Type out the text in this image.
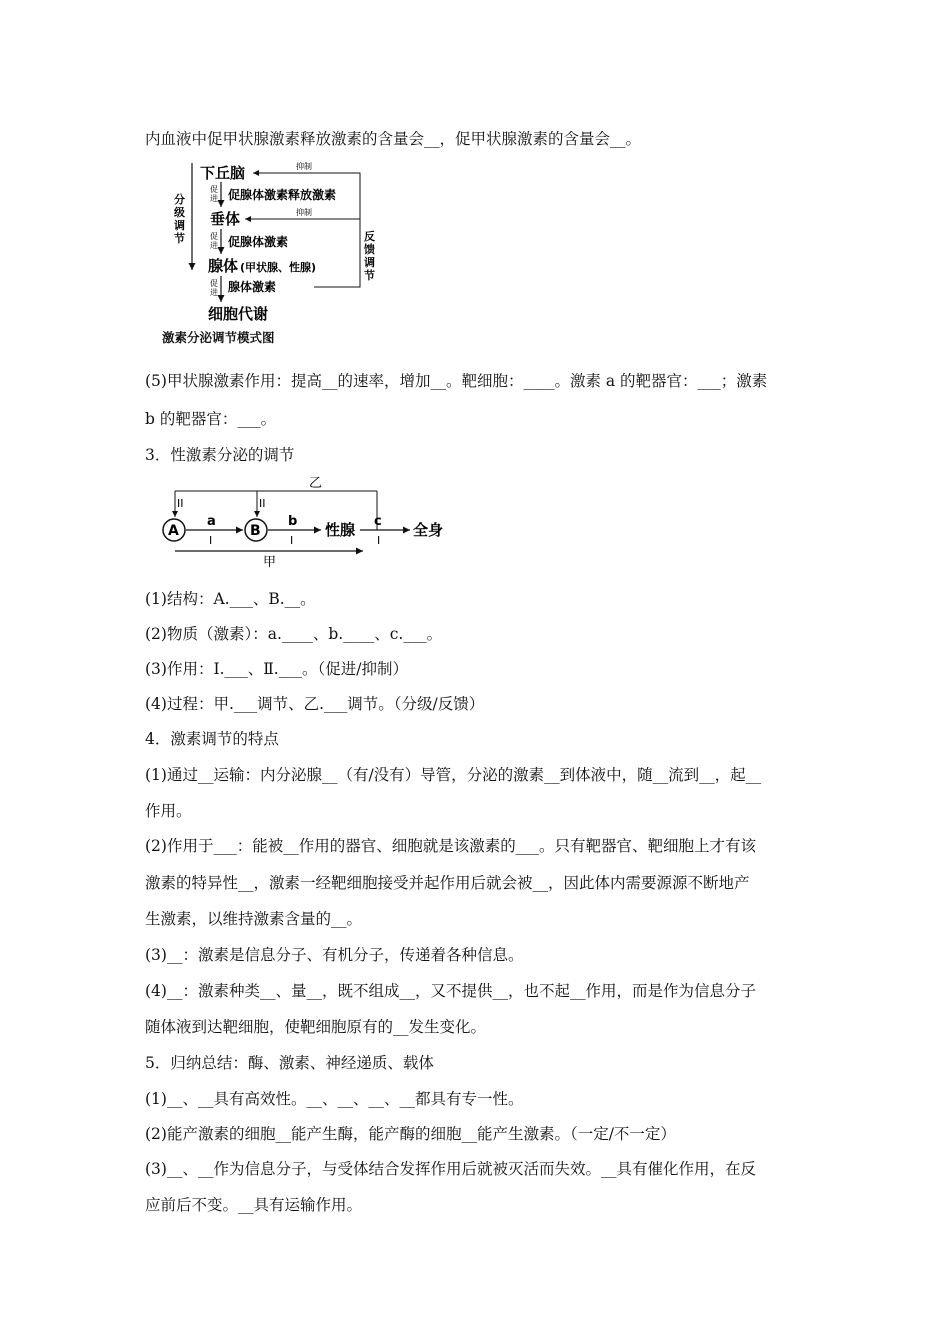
内血液中促甲状腺激素释放激素的含量会__，促甲状腺激素的含量会__。
下丘脑
垂体
腺体 (甲状腺、性腺)
细胞代谢
促腺体激素释放激素
促腺体激素
腺体激素
促
进
促
进
促
进
分
级
调
节
抑制
抑制
反
馈
调
节
激素分泌调节模式图
(5)甲状腺激素作用：提高__的速率，增加__。靶细胞：____。激素 a 的靶器官：___；激素
b 的靶器官：___。
3．性激素分泌的调节
乙
II	II
A	B
a
I
b
I
性腺 c
I
全身
甲
(1)结构：A.___、B.__。
(2)物质（激素）：a.____、b.____、c.___。
(3)作用：Ⅰ.___、Ⅱ.___。（促进/抑制）
(4)过程：甲.___调节、乙.___调节。（分级/反馈）
4．激素调节的特点
(1)通过__运输：内分泌腺__（有/没有）导管，分泌的激素__到体液中，随__流到__，起__
作用。
(2)作用于___：能被__作用的器官、细胞就是该激素的___。只有靶器官、靶细胞上才有该
激素的特异性__，激素一经靶细胞接受并起作用后就会被__，因此体内需要源源不断地产
生激素，以维持激素含量的__。
(3)__：激素是信息分子、有机分子，传递着各种信息。
(4)__：激素种类__、量__，既不组成__，又不提供__，也不起__作用，而是作为信息分子
随体液到达靶细胞，使靶细胞原有的__发生变化。
5．归纳总结：酶、激素、神经递质、载体
(1)__、__具有高效性。__、__、__、__都具有专一性。
(2)能产激素的细胞__能产生酶，能产酶的细胞__能产生激素。（一定/不一定）
(3)__、__作为信息分子，与受体结合发挥作用后就被灭活而失效。__具有催化作用，在反
应前后不变。__具有运输作用。
